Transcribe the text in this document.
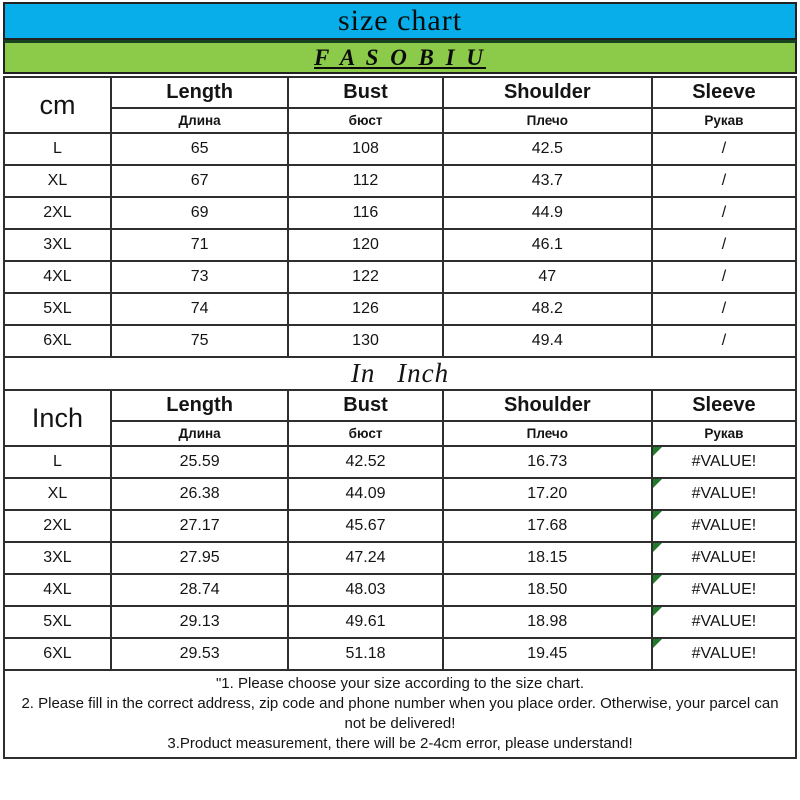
size chart
F A S O B I U
cm	Length	Bust	Shoulder	Sleeve
	Длина	бюст	Плечо	Рукав
L	65	108	42.5	/
XL	67	112	43.7	/
2XL	69	116	44.9	/
3XL	71	120	46.1	/
4XL	73	122	47	/
5XL	74	126	48.2	/
6XL	75	130	49.4	/
In Inch				
Inch	Length	Bust	Shoulder	Sleeve
	Длина	бюст	Плечо	Рукав
L	25.59	42.52	16.73	#VALUE!
XL	26.38	44.09	17.20	#VALUE!
2XL	27.17	45.67	17.68	#VALUE!
3XL	27.95	47.24	18.15	#VALUE!
4XL	28.74	48.03	18.50	#VALUE!
5XL	29.13	49.61	18.98	#VALUE!
6XL	29.53	51.18	19.45	#VALUE!

"1. Please choose your size according to the size chart.
2. Please fill in the correct address, zip code and phone number when you place order. Otherwise, your parcel can not be delivered!
3.Product measurement, there will be 2-4cm error, please understand!				
